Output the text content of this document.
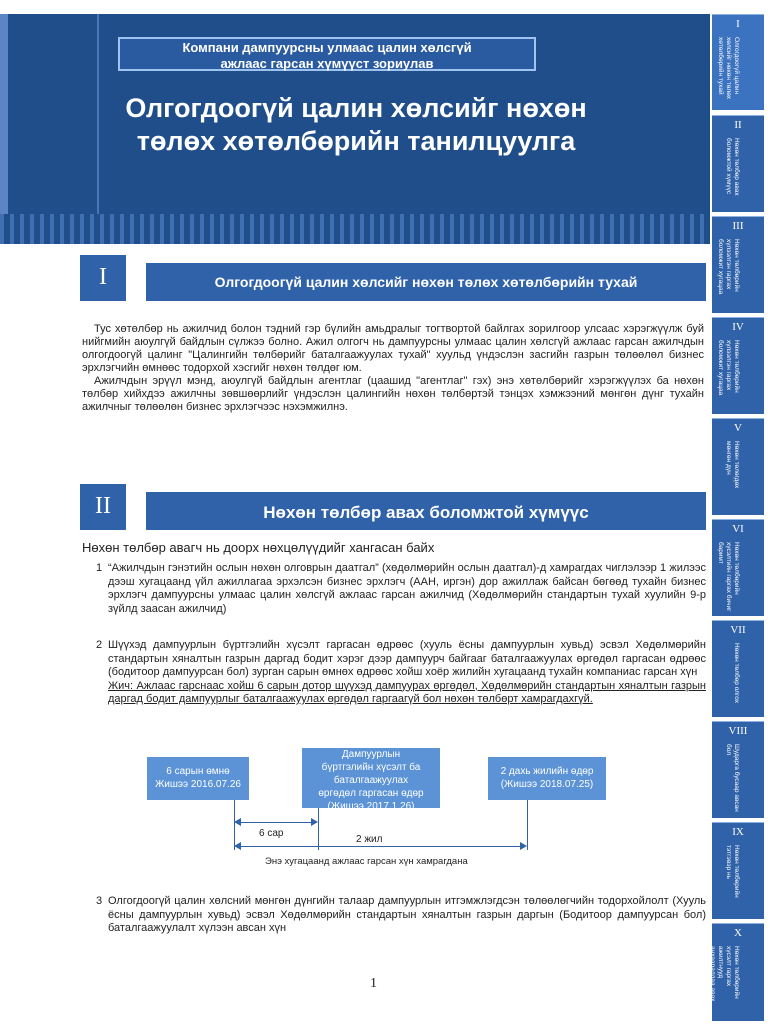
Компани дампуурсны улмаас цалин хөлсгүй
ажлаас гарсан хүмүүст зориулав
Олгогдоогүй цалин хөлсийг нөхөн
төлөх хөтөлбөрийн танилцуулга
I
Олгогдоогүй цалин хөлсийг нөхөн төлөх хөтөлбөрийн тухай
II
Нөхөн төлбөр авах боломжтой хүмүүс
III
Нөхөн төлбөрийн хүлээлгэн гаргах боломжит хугацаа
IV
Нөхөн төлбөрийн хүлээлгэн гаргах боломжит хугацаа
V
Нөхөн төлөгдөх мөнгөн дүн
VI
Нөхөн төлбөрийн хүсэлтийн гаргах бичиг баримт
VII
Нөхөн төлбөр олгох
VIII
Шударга бусаар авсан бол
IX
Нөхөн төлбөрийн тэтгэвэр нь
X
Нөхөн төлбөрийн хүсэлт гаргах ажилтнууд анхааралдаа авах зүйлс
I	Олгогдоогүй цалин хөлсийг нөхөн төлөх хөтөлбөрийн тухай

Тус хөтөлбөр нь ажилчид болон тэдний гэр бүлийн амьдралыг тогтвортой байлгах зорилгоор улсаас хэрэгжүүлж буй нийгмийн аюулгүй байдлын сүлжээ болно. Ажил олгогч нь дампуурсны улмаас цалин хөлсгүй ажлаас гарсан ажилчдын олгогдоогүй цалинг "Цалингийн төлбөрийг баталгаажуулах тухай" хуульд үндэслэн засгийн газрын төлөөлөл бизнес эрхлэгчийн өмнөөс тодорхой хэсгийг нөхөн төлдөг юм.

Ажилчдын эрүүл мэнд, аюулгүй байдлын агентлаг (цаашид "агентлаг" гэх) энэ хөтөлбөрийг хэрэгжүүлэх ба нөхөн төлбөр хийхдээ ажилчны зөвшөөрлийг үндэслэн цалингийн нөхөн төлбөртэй тэнцэх хэмжээний мөнгөн дүнг тухайн ажилчныг төлөөлөн бизнес эрхлэгчээс нэхэмжилнэ.

II	Нөхөн төлбөр авах боломжтой хүмүүс
Нөхөн төлбөр авагч нь доорх нөхцөлүүдийг хангасан байх
1 “Ажилчдын гэнэтийн ослын нөхөн олговрын даатгал” (хөдөлмөрийн ослын даатгал)-д хамрагдах чиглэлээр 1 жилээс дээш хугацаанд үйл ажиллагаа эрхэлсэн бизнес эрхлэгч (ААН, иргэн) дор ажиллаж байсан бөгөөд тухайн бизнес эрхлэгч дампуурсны улмаас цалин хөлсгүй ажлаас гарсан ажилчид (Хөдөлмөрийн стандартын тухай хуулийн 9-р зүйлд заасан ажилчид)
2 Шүүхэд дампуурлын бүртгэлийн хүсэлт гаргасан өдрөөс (хууль ёсны дампуурлын хувьд) эсвэл Хөдөлмөрийн стандартын хяналтын газрын даргад бодит хэрэг дээр дампуурч байгааг баталгаажуулах өргөдөл гаргасан өдрөөс (бодитоор дампуурсан бол) зурган сарын өмнөх өдрөөс хойш хоёр жилийн хугацаанд тухайн компаниас гарсан хүн
Жич: Ажлаас гарснаас хойш 6 сарын дотор шүүхэд дампуурах өргөдөл, Хөдөлмөрийн стандартын хяналтын газрын даргад бодит дампуурлыг баталгаажуулах өргөдөл гаргаагүй бол нөхөн төлбөрт хамрагдахгүй.
6 сарын өмнө
Жишээ 2016.07.26
Дампуурлын
бүртгэлийн хүсэлт ба
баталгаажуулах
өргөдөл гаргасан өдөр
(Жишээ 2017.1.26)
2 дахь жилийн өдөр
(Жишээ 2018.07.25)
6 сар
2 жил
Энэ хугацаанд ажлаас гарсан хүн хамрагдана
3 Олгогдоогүй цалин хөлсний мөнгөн дүнгийн талаар дампуурлын итгэмжлэгдсэн төлөөлөгчийн тодорхойлолт (Хууль ёсны дампуурлын хувьд) эсвэл Хөдөлмөрийн стандартын хяналтын газрын даргын (Бодитоор дампуурсан бол) баталгаажуулалт хүлээн авсан хүн
1
